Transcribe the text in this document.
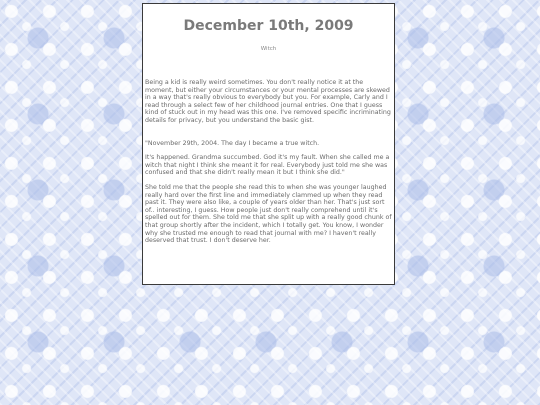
December 10th, 2009
Witch

Being a kid is really weird sometimes. You don't really notice it at the moment, but either your circumstances or your mental processes are skewed in a way that's really obvious to everybody but you. For example, Carly and I read through a select few of her childhood journal entries. One that I guess kind of stuck out in my head was this one. I've removed specific incriminating details for privacy, but you understand the basic gist.

"November 29th, 2004. The day I became a true witch.

It's happened. Grandma succumbed. God it's my fault. When she called me a witch that night I think she meant it for real. Everybody just told me she was confused and that she didn't really mean it but I think she did."

She told me that the people she read this to when she was younger laughed really hard over the first line and immediately clammed up when they read past it. They were also like, a couple of years older than her. That's just sort of.. interesting, I guess. How people just don't really comprehend until it's spelled out for them. She told me that she split up with a really good chunk of that group shortly after the incident, which I totally get. You know, I wonder why she trusted me enough to read that journal with me? I haven't really deserved that trust. I don't deserve her.
